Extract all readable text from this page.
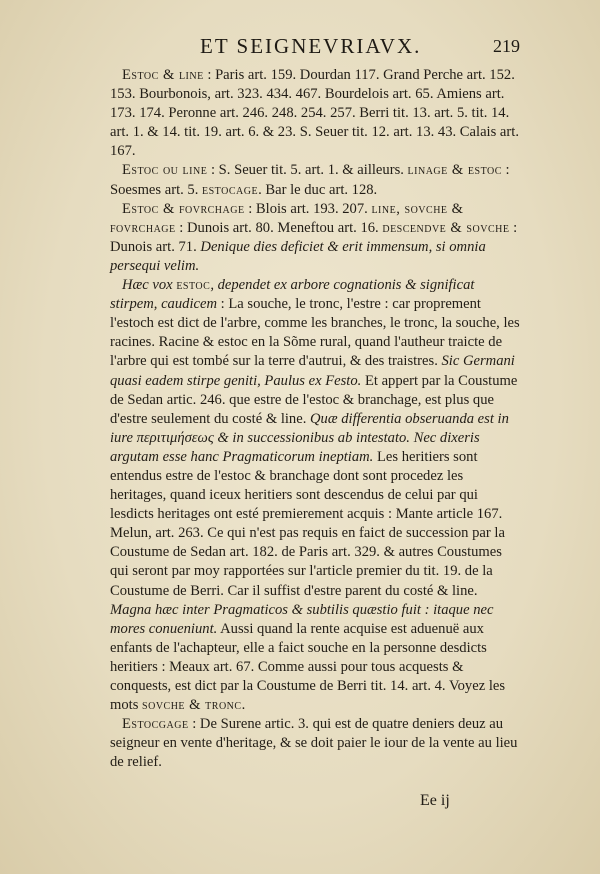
ET SEIGNEVRIAVX.	219

Estoc & line : Paris art. 159. Dourdan 117. Grand Perche art. 152. 153. Bourbonois, art. 323. 434. 467. Bourdelois art. 65. Amiens art. 173. 174. Peronne art. 246. 248. 254. 257. Berri tit. 13. art. 5. tit. 14. art. 1. & 14. tit. 19. art. 6. & 23. S. Seuer tit. 12. art. 13. 43. Calais art. 167.

Estoc ou line : S. Seuer tit. 5. art. 1. & ailleurs. linage & estoc : Soesmes art. 5. estocage. Bar le duc art. 128.

Estoc & fovrchage : Blois art. 193. 207. line, sovche & fovrchage : Dunois art. 80. Meneftou art. 16. descendve & sovche : Dunois art. 71. Denique dies deficiet & erit immensum, si omnia persequi velim.

Hæc vox estoc, dependet ex arbore cognationis & significat stirpem, caudicem : La souche, le tronc, l'estre : car proprement l'estoch est dict de l'arbre, comme les branches, le tronc, la souche, les racines. Racine & estoc en la Sõme rural, quand l'autheur traicte de l'arbre qui est tombé sur la terre d'autrui, & des traistres. Sic Germani quasi eadem stirpe geniti, Paulus ex Festo. Et appert par la Coustume de Sedan artic. 246. que estre de l'estoc & branchage, est plus que d'estre seulement du costé & line. Quæ differentia obseruanda est in iure περιτιμήσεως & in successionibus ab intestato. Nec dixeris argutam esse hanc Pragmaticorum ineptiam. Les heritiers sont entendus estre de l'estoc & branchage dont sont procedez les heritages, quand iceux heritiers sont descendus de celui par qui lesdicts heritages ont esté premierement acquis : Mante article 167. Melun, art. 263. Ce qui n'est pas requis en faict de succession par la Coustume de Sedan art. 182. de Paris art. 329. & autres Coustumes qui seront par moy rapportées sur l'article premier du tit. 19. de la Coustume de Berri. Car il suffist d'estre parent du costé & line. Magna hæc inter Pragmaticos & subtilis quæstio fuit : itaque nec mores conueniunt. Aussi quand la rente acquise est aduenuë aux enfants de l'achapteur, elle a faict souche en la personne desdicts heritiers : Meaux art. 67. Comme aussi pour tous acquests & conquests, est dict par la Coustume de Berri tit. 14. art. 4. Voyez les mots sovche & tronc.

Estocgage : De Surene artic. 3. qui est de quatre deniers deuz au seigneur en vente d'heritage, & se doit paier le iour de la vente au lieu de relief.

Ee ij
